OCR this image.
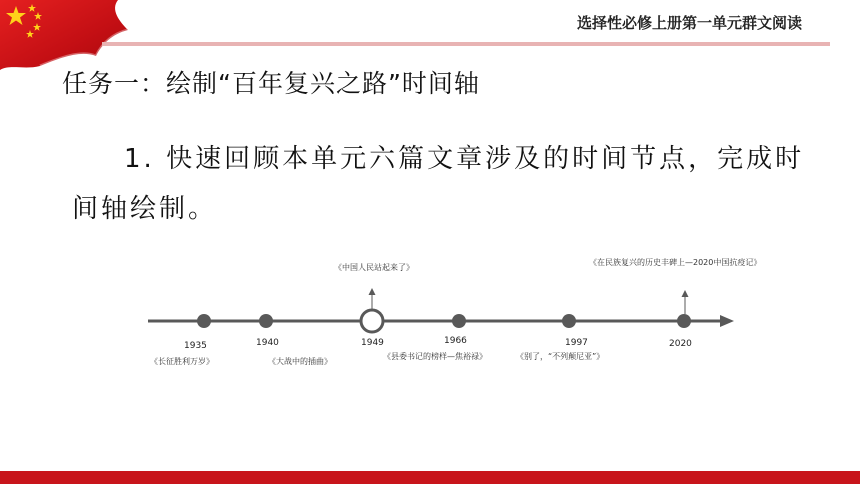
选择性必修上册第一单元群文阅读
任务一：绘制“百年复兴之路”时间轴
1. 快速回顾本单元六篇文章涉及的时间节点，完成时间轴绘制。
1935	1940	1949	1966	1997	2020
《中国人民站起来了》
《在民族复兴的历史丰碑上—2020中国抗疫记》
《长征胜利万岁》	《大战中的插曲》
《县委书记的榜样—焦裕禄》	《别了，“不列颠尼亚”》
